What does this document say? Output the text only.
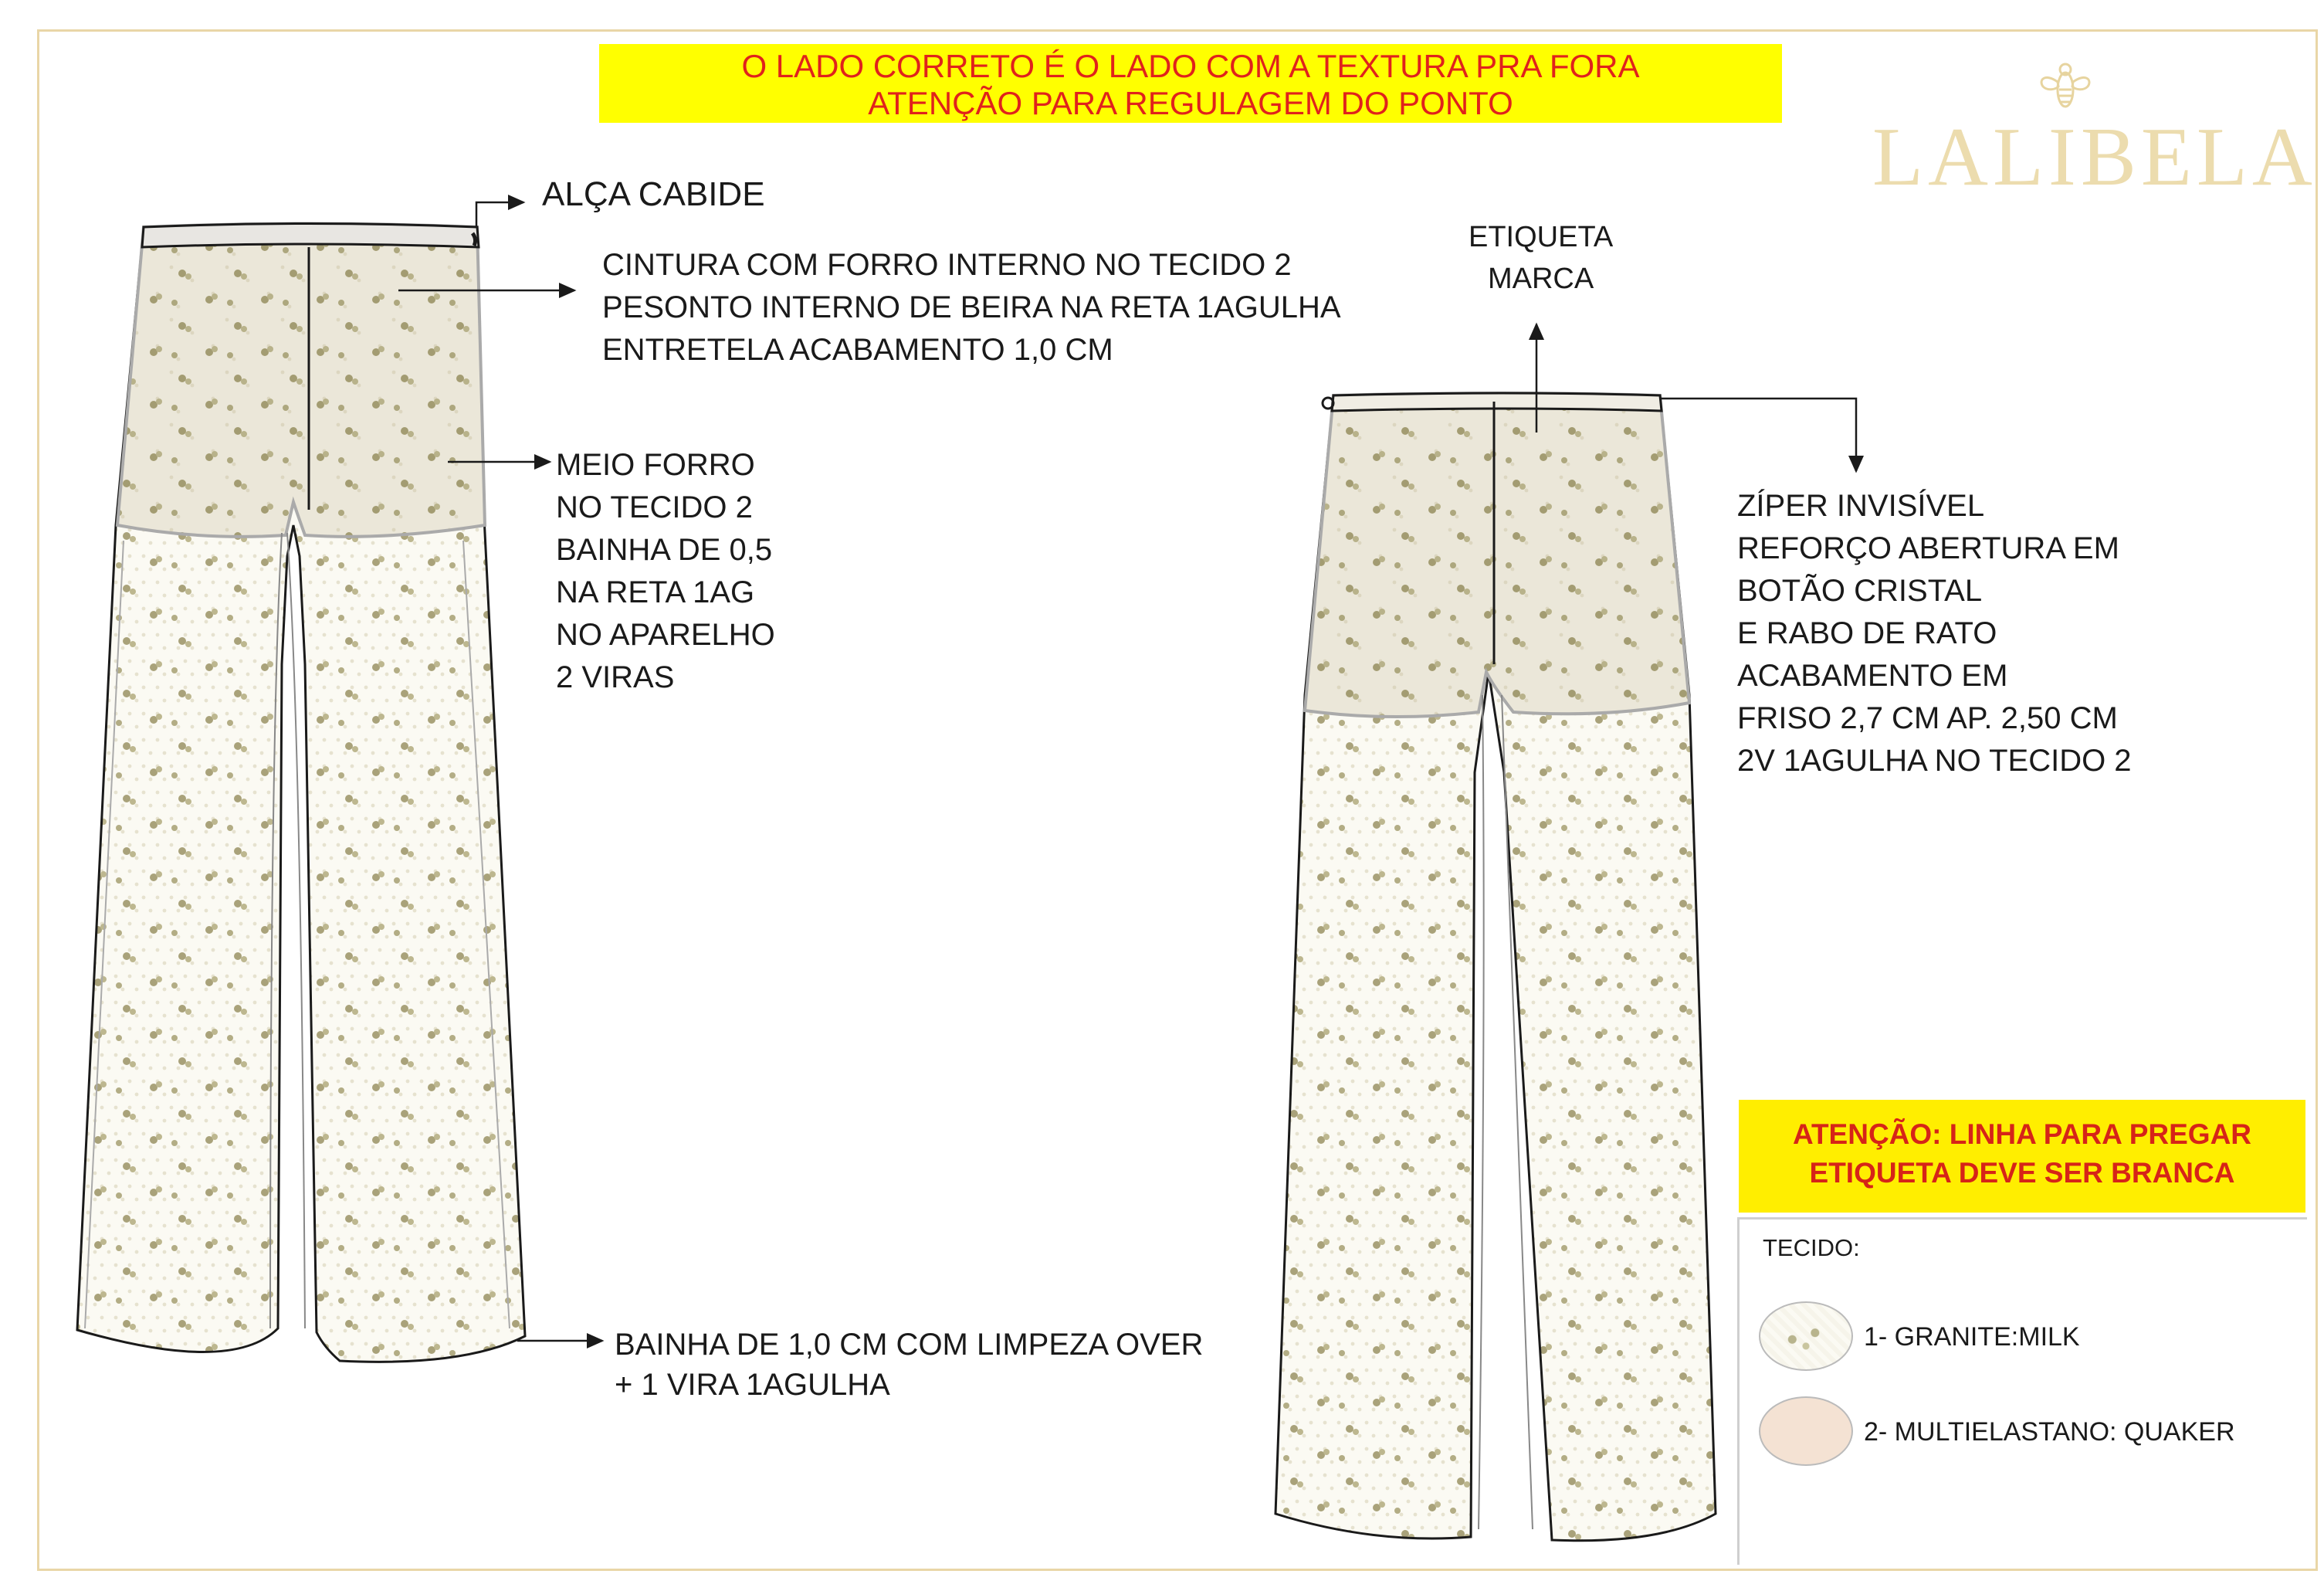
O LADO CORRETO É O LADO COM A TEXTURA PRA FORA
ATENÇÃO PARA REGULAGEM DO PONTO
LALIBELA
ALÇA CABIDE
CINTURA COM FORRO INTERNO NO TECIDO 2
PESONTO INTERNO DE BEIRA NA RETA 1AGULHA
ENTRETELA ACABAMENTO 1,0 CM
MEIO FORRO
NO TECIDO 2
BAINHA DE 0,5
NA RETA 1AG
NO APARELHO
2 VIRAS
BAINHA DE 1,0 CM COM LIMPEZA OVER
+ 1 VIRA 1AGULHA
ETIQUETA
MARCA
ZÍPER INVISÍVEL
REFORÇO ABERTURA EM
BOTÃO CRISTAL
E RABO DE RATO
ACABAMENTO EM
FRISO 2,7 CM AP. 2,50 CM
2V 1AGULHA NO TECIDO 2
ATENÇÃO: LINHA PARA PREGAR
ETIQUETA DEVE SER BRANCA
TECIDO:
1- GRANITE:MILK
2- MULTIELASTANO: QUAKER
